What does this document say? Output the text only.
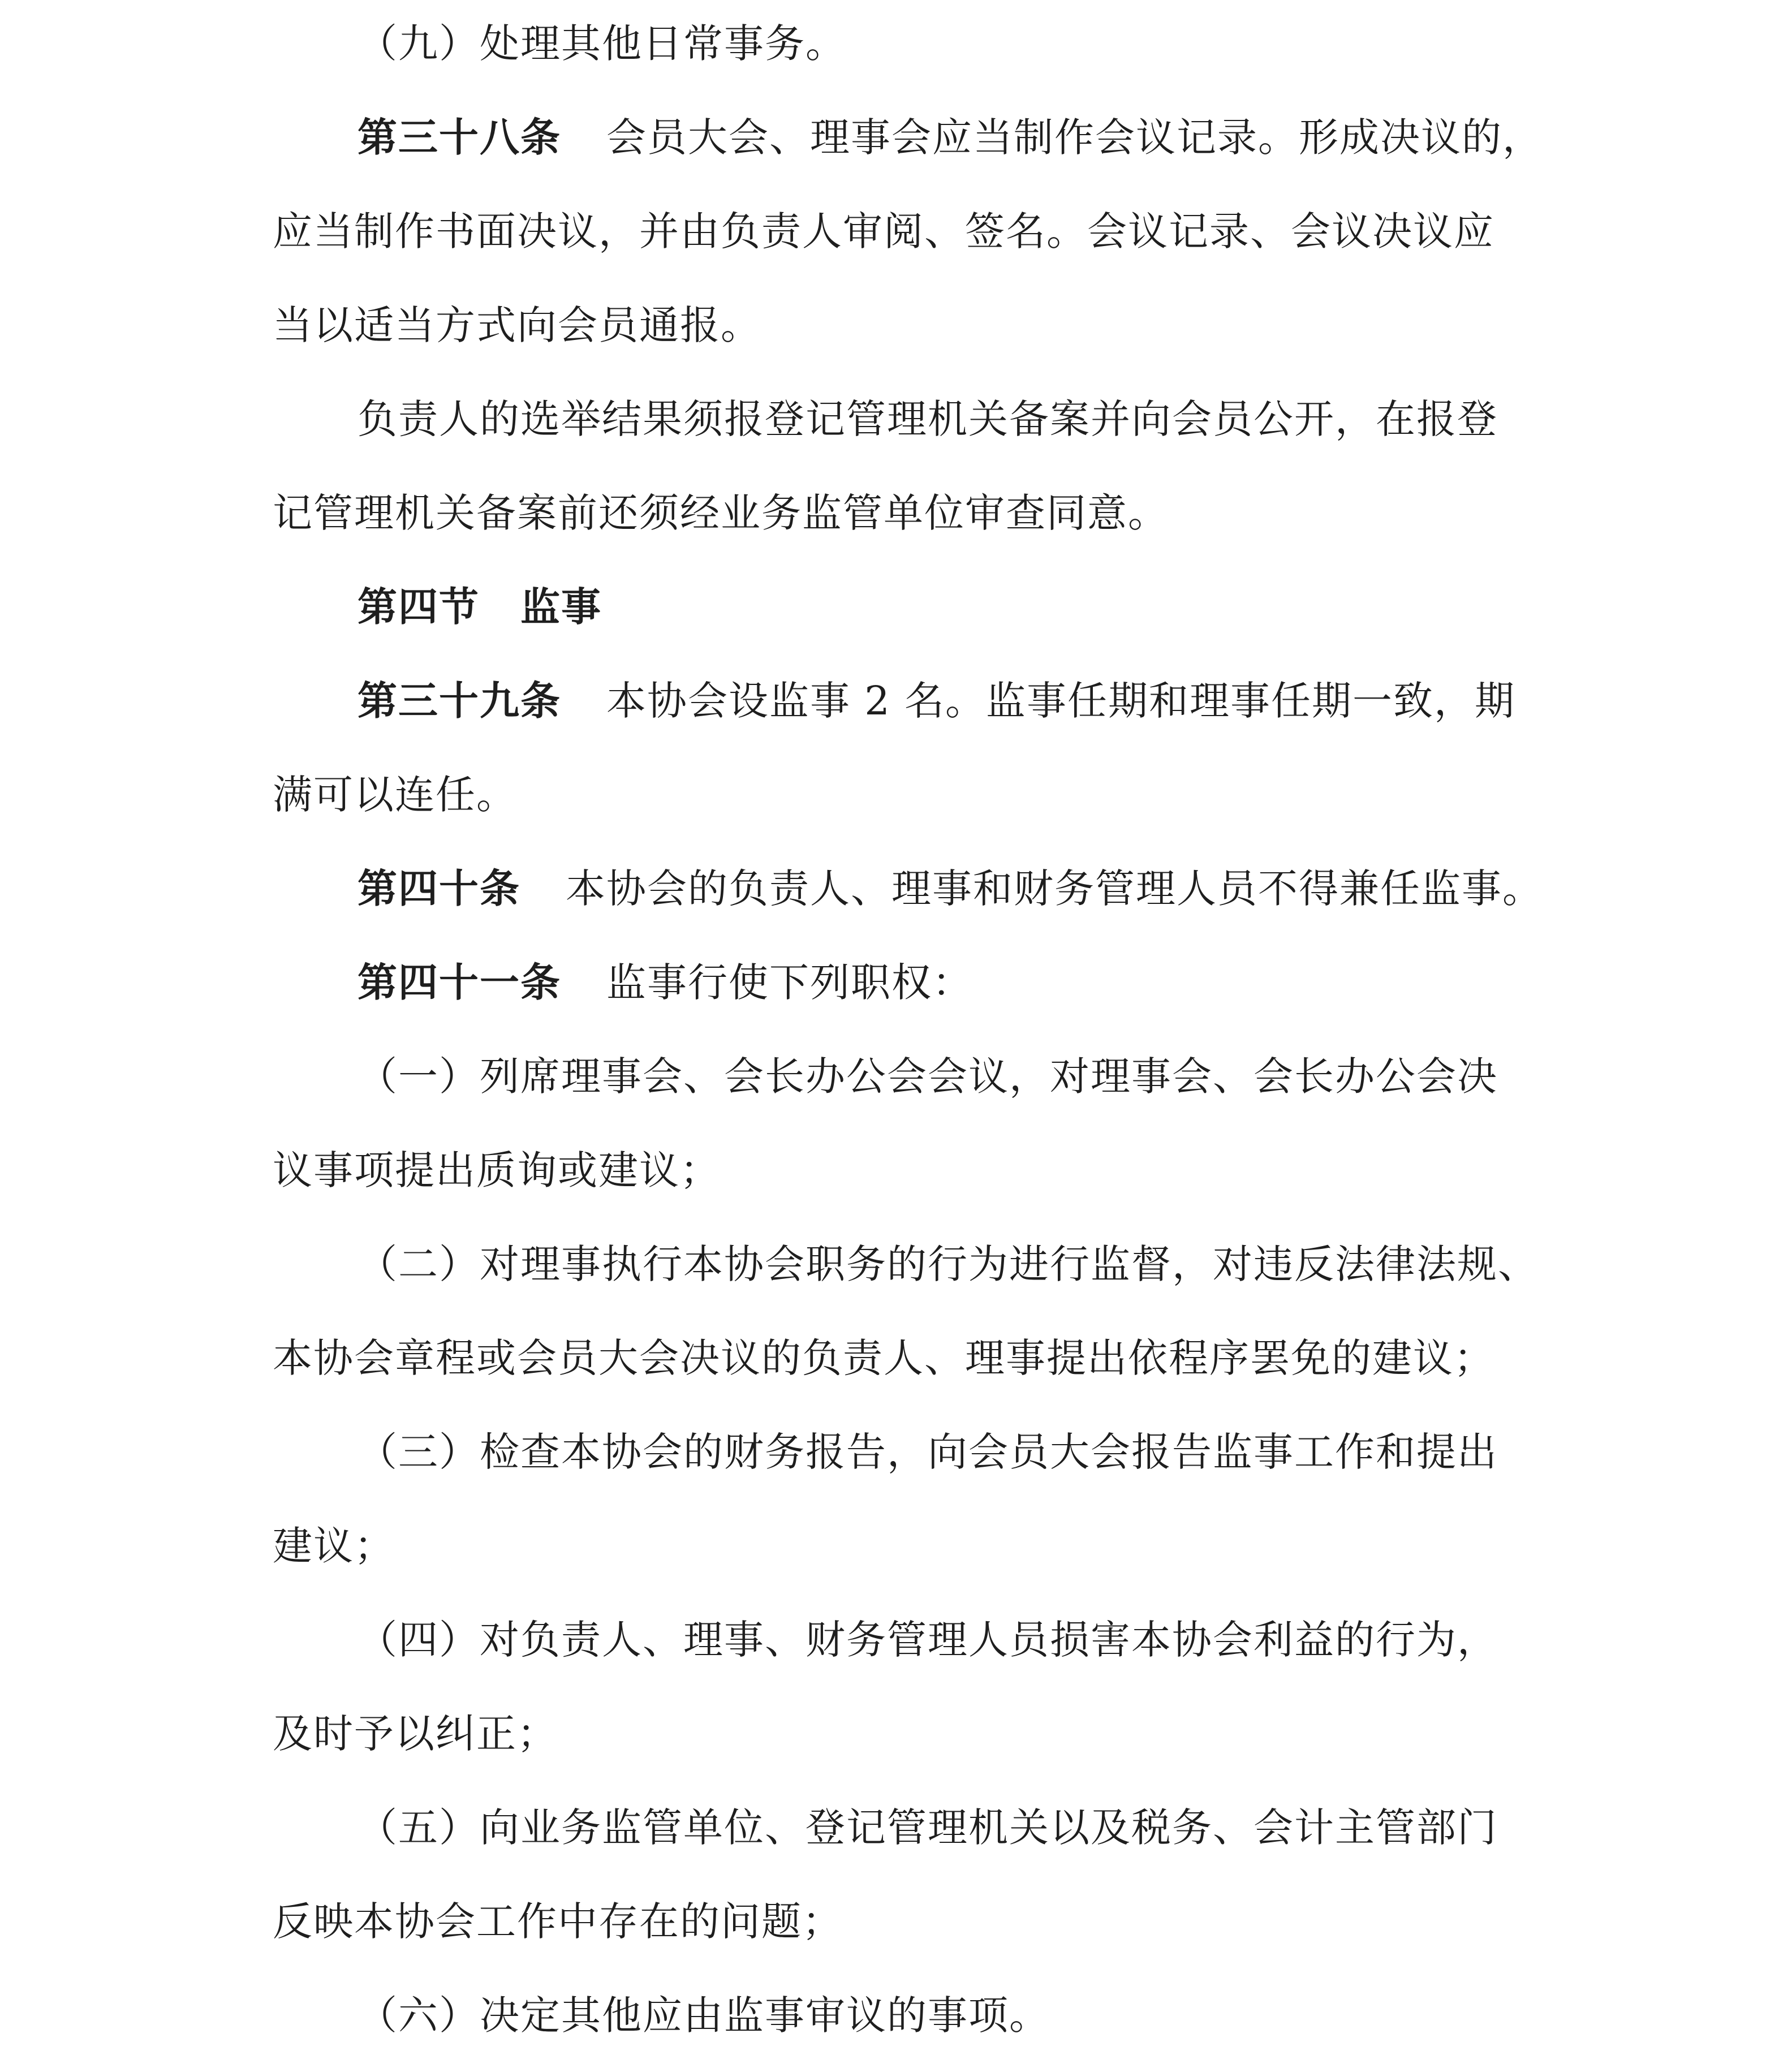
（九）处理其他日常事务。
第三十八条 会员大会、理事会应当制作会议记录。形成决议的，
应当制作书面决议，并由负责人审阅、签名。会议记录、会议决议应
当以适当方式向会员通报。
负责人的选举结果须报登记管理机关备案并向会员公开，在报登
记管理机关备案前还须经业务监管单位审查同意。
第四节　监事
第三十九条 本协会设监事 2 名。监事任期和理事任期一致，期
满可以连任。
第四十条 本协会的负责人、理事和财务管理人员不得兼任监事。
第四十一条 监事行使下列职权：
（一）列席理事会、会长办公会会议，对理事会、会长办公会决
议事项提出质询或建议；
（二）对理事执行本协会职务的行为进行监督，对违反法律法规、
本协会章程或会员大会决议的负责人、理事提出依程序罢免的建议；
（三）检查本协会的财务报告，向会员大会报告监事工作和提出
建议；
（四）对负责人、理事、财务管理人员损害本协会利益的行为，
及时予以纠正；
（五）向业务监管单位、登记管理机关以及税务、会计主管部门
反映本协会工作中存在的问题；
（六）决定其他应由监事审议的事项。
